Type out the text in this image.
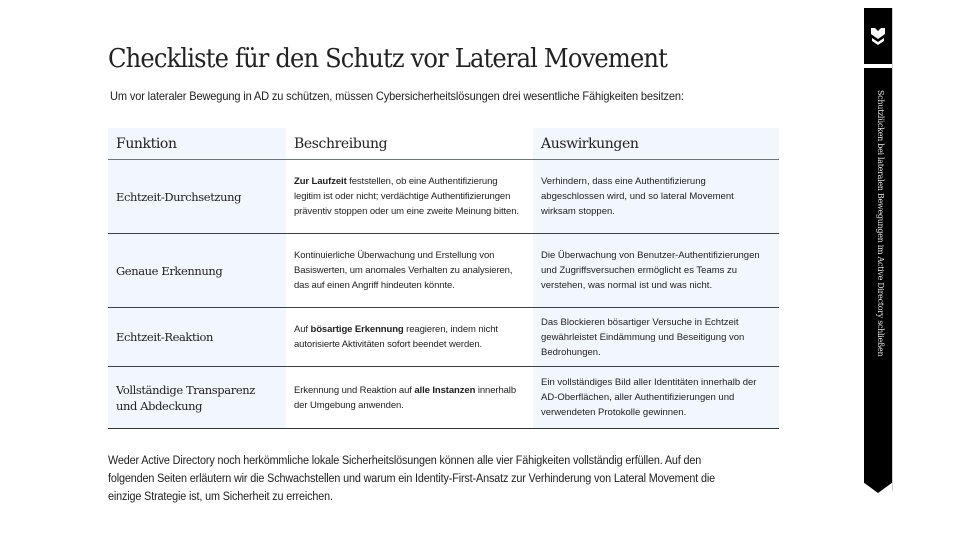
Checkliste für den Schutz vor Lateral Movement

Um vor lateraler Bewegung in AD zu schützen, müssen Cybersicherheitslösungen drei wesentliche Fähigkeiten besitzen:

Funktion	Beschreibung	Auswirkungen
Echtzeit-Durchsetzung	Zur Laufzeit feststellen, ob eine Authentifizierung legitim ist oder nicht; verdächtige Authentifizierungen präventiv stoppen oder um eine zweite Meinung bitten.	Verhindern, dass eine Authentifizierung abgeschlossen wird, und so lateral Movement wirksam stoppen.
Genaue Erkennung	Kontinuierliche Überwachung und Erstellung von Basiswerten, um anomales Verhalten zu analysieren, das auf einen Angriff hindeuten könnte.	Die Überwachung von Benutzer-Authentifizierungen und Zugriffsversuchen ermöglicht es Teams zu verstehen, was normal ist und was nicht.
Echtzeit-Reaktion	Auf bösartige Erkennung reagieren, indem nicht autorisierte Aktivitäten sofort beendet werden.	Das Blockieren bösartiger Versuche in Echtzeit gewährleistet Eindämmung und Beseitigung von Bedrohungen.
Vollständige Transparenz und Abdeckung	Erkennung und Reaktion auf alle Instanzen innerhalb der Umgebung anwenden.	Ein vollständiges Bild aller Identitäten innerhalb der AD-Oberflächen, aller Authentifizierungen und verwendeten Protokolle gewinnen.
Weder Active Directory noch herkömmliche lokale Sicherheitslösungen können alle vier Fähigkeiten vollständig erfüllen. Auf den
folgenden Seiten erläutern wir die Schwachstellen und warum ein Identity-First-Ansatz zur Verhinderung von Lateral Movement die
einzige Strategie ist, um Sicherheit zu erreichen.
Schutzlücken bei lateralen Bewegungen im Active Directory schließen
